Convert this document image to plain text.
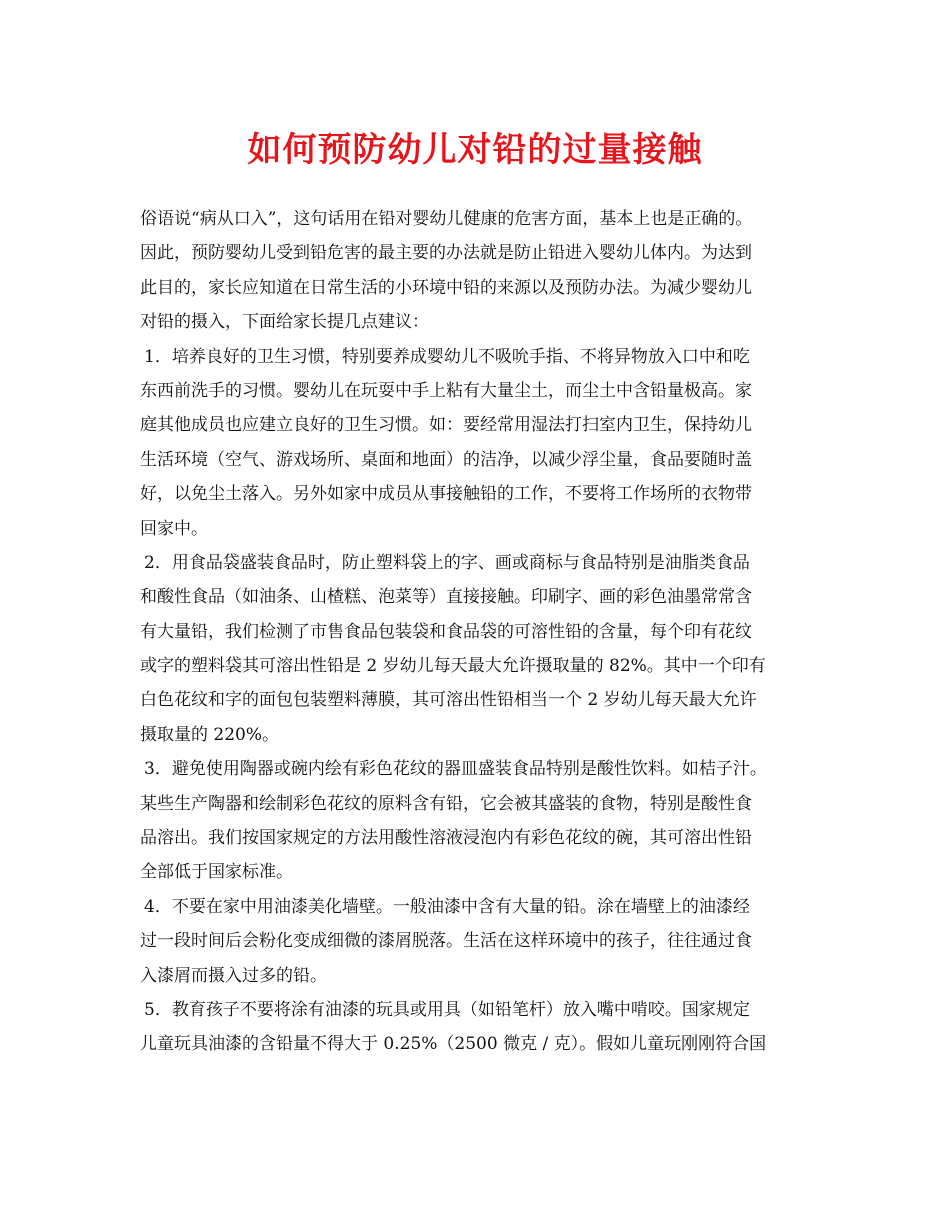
如何预防幼儿对铅的过量接触
俗语说“病从口入”，这句话用在铅对婴幼儿健康的危害方面，基本上也是正确的。
因此，预防婴幼儿受到铅危害的最主要的办法就是防止铅进入婴幼儿体内。为达到
此目的，家长应知道在日常生活的小环境中铅的来源以及预防办法。为减少婴幼儿
对铅的摄入，下面给家长提几点建议：
1．培养良好的卫生习惯，特别要养成婴幼儿不吸吮手指、不将异物放入口中和吃
东西前洗手的习惯。婴幼儿在玩耍中手上粘有大量尘土，而尘土中含铅量极高。家
庭其他成员也应建立良好的卫生习惯。如：要经常用湿法打扫室内卫生，保持幼儿
生活环境（空气、游戏场所、桌面和地面）的洁净，以减少浮尘量，食品要随时盖
好，以免尘土落入。另外如家中成员从事接触铅的工作，不要将工作场所的衣物带
回家中。
2．用食品袋盛装食品时，防止塑料袋上的字、画或商标与食品特别是油脂类食品
和酸性食品（如油条、山楂糕、泡菜等）直接接触。印刷字、画的彩色油墨常常含
有大量铅，我们检测了市售食品包装袋和食品袋的可溶性铅的含量，每个印有花纹
或字的塑料袋其可溶出性铅是 2 岁幼儿每天最大允许摄取量的 82%。其中一个印有
白色花纹和字的面包包装塑料薄膜，其可溶出性铅相当一个 2 岁幼儿每天最大允许
摄取量的 220%。
3．避免使用陶器或碗内绘有彩色花纹的器皿盛装食品特别是酸性饮料。如桔子汁。
某些生产陶器和绘制彩色花纹的原料含有铅，它会被其盛装的食物，特别是酸性食
品溶出。我们按国家规定的方法用酸性溶液浸泡内有彩色花纹的碗，其可溶出性铅
全部低于国家标准。
4．不要在家中用油漆美化墙壁。一般油漆中含有大量的铅。涂在墙壁上的油漆经
过一段时间后会粉化变成细微的漆屑脱落。生活在这样环境中的孩子，往往通过食
入漆屑而摄入过多的铅。
5．教育孩子不要将涂有油漆的玩具或用具（如铅笔杆）放入嘴中啃咬。国家规定
儿童玩具油漆的含铅量不得大于 0.25%（2500 微克 / 克）。假如儿童玩刚刚符合国
